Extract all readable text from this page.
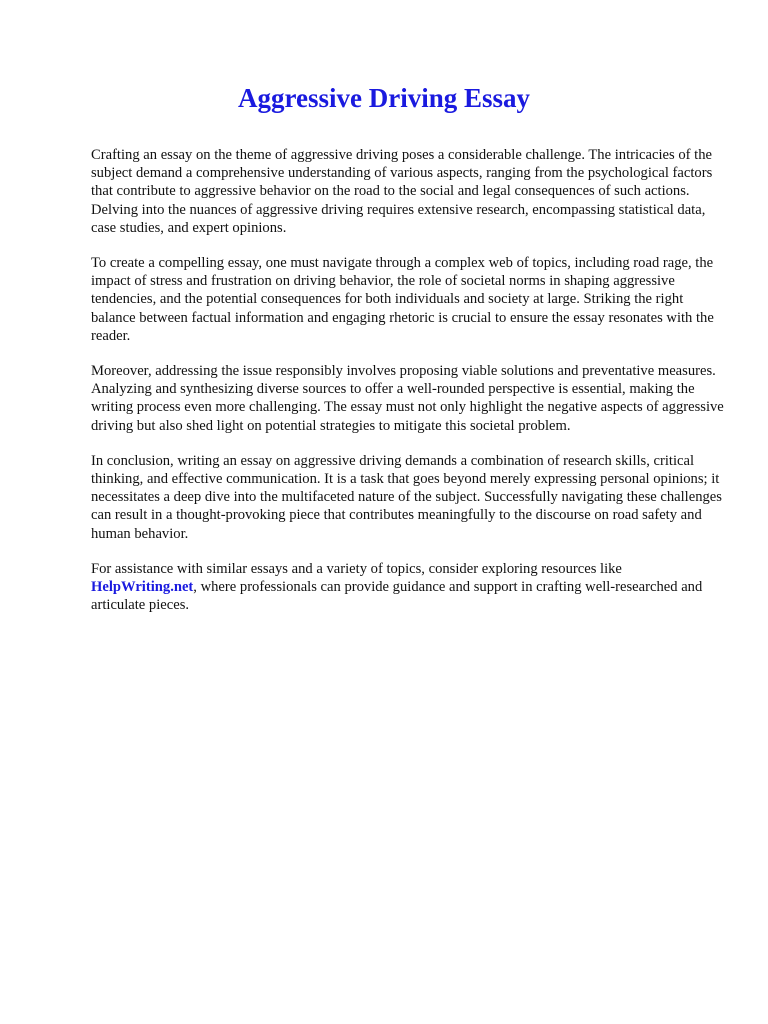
Aggressive Driving Essay

Crafting an essay on the theme of aggressive driving poses a considerable challenge. The intricacies of the subject demand a comprehensive understanding of various aspects, ranging from the psychological factors that contribute to aggressive behavior on the road to the social and legal consequences of such actions. Delving into the nuances of aggressive driving requires extensive research, encompassing statistical data, case studies, and expert opinions.

To create a compelling essay, one must navigate through a complex web of topics, including road rage, the impact of stress and frustration on driving behavior, the role of societal norms in shaping aggressive tendencies, and the potential consequences for both individuals and society at large. Striking the right balance between factual information and engaging rhetoric is crucial to ensure the essay resonates with the reader.

Moreover, addressing the issue responsibly involves proposing viable solutions and preventative measures. Analyzing and synthesizing diverse sources to offer a well-rounded perspective is essential, making the writing process even more challenging. The essay must not only highlight the negative aspects of aggressive driving but also shed light on potential strategies to mitigate this societal problem.

In conclusion, writing an essay on aggressive driving demands a combination of research skills, critical thinking, and effective communication. It is a task that goes beyond merely expressing personal opinions; it necessitates a deep dive into the multifaceted nature of the subject. Successfully navigating these challenges can result in a thought-provoking piece that contributes meaningfully to the discourse on road safety and human behavior.

For assistance with similar essays and a variety of topics, consider exploring resources like HelpWriting.net, where professionals can provide guidance and support in crafting well-researched and articulate pieces.
